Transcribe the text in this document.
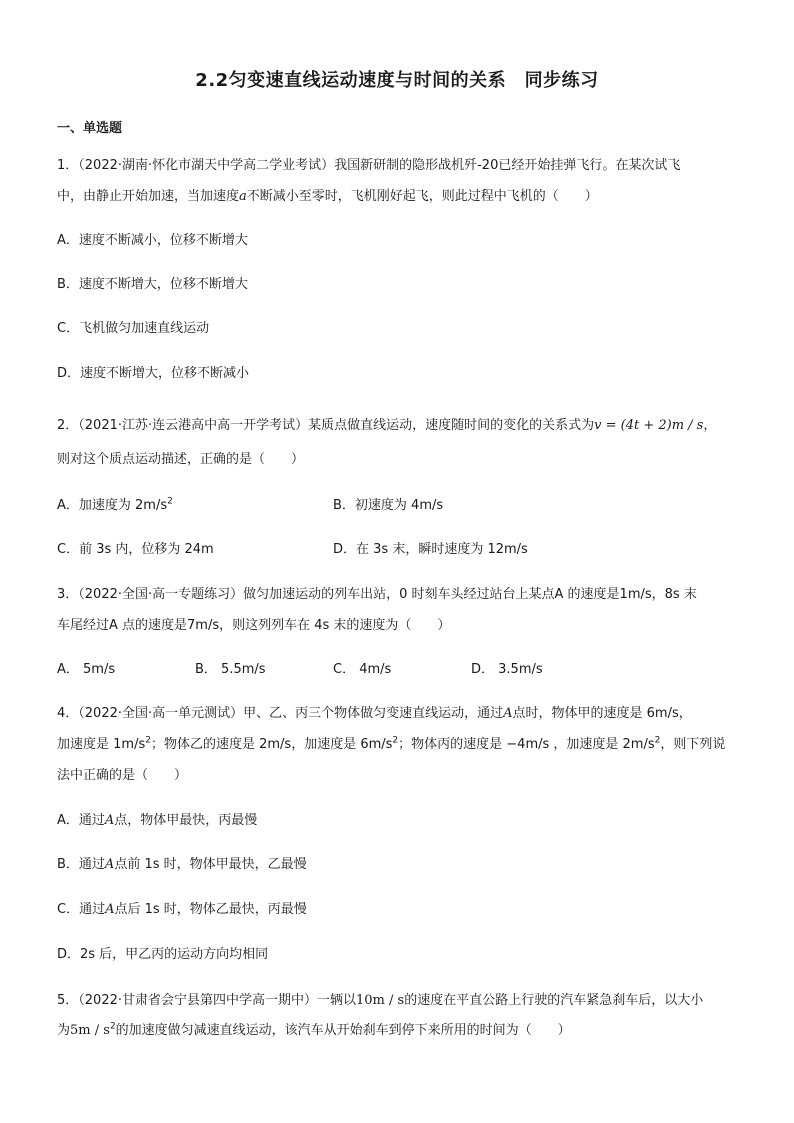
2.2匀变速直线运动速度与时间的关系　同步练习
一、单选题
1．（2022·湖南·怀化市湖天中学高二学业考试）我国新研制的隐形战机歼-20已经开始挂弹飞行。在某次试飞
中，由静止开始加速，当加速度a不断减小至零时，飞机刚好起飞，则此过程中飞机的（　　）
A．速度不断减小，位移不断增大
B．速度不断增大，位移不断增大
C．飞机做匀加速直线运动
D．速度不断增大，位移不断减小
2．（2021·江苏·连云港高中高一开学考试）某质点做直线运动，速度随时间的变化的关系式为v = (4t + 2)m / s，
则对这个质点运动描述，正确的是（　　）
A．加速度为 $2m/s^2$	B．初速度为 4m/s
C．前 3s 内，位移为 24m	D．在 3s 末，瞬时速度为 12m/s
3．（2022·全国·高一专题练习）做匀加速运动的列车出站，0 时刻车头经过站台上某点A 的速度是1m/s，8s 末
车尾经过A 点的速度是7m/s，则这列列车在 4s 末的速度为（　　）
A． 5m/s	B． 5.5m/s	C． 4m/s	D． 3.5m/s
4．（2022·全国·高一单元测试）甲、乙、丙三个物体做匀变速直线运动，通过A点时，物体甲的速度是 6m/s，
加速度是 $1m/s^2$；物体乙的速度是 2m/s，加速度是 $6m/s^2$；物体丙的速度是 −4m/s ，加速度是 $2m/s^2$，则下列说
法中正确的是（　　）
A．通过A点，物体甲最快，丙最慢
B．通过A点前 1s 时，物体甲最快，乙最慢
C．通过A点后 1s 时，物体乙最快，丙最慢
D．2s 后，甲乙丙的运动方向均相同
5．（2022·甘肃省会宁县第四中学高一期中）一辆以10m / s的速度在平直公路上行驶的汽车紧急刹车后，以大小
为$5m / s^2$的加速度做匀减速直线运动，该汽车从开始刹车到停下来所用的时间为（　　）
